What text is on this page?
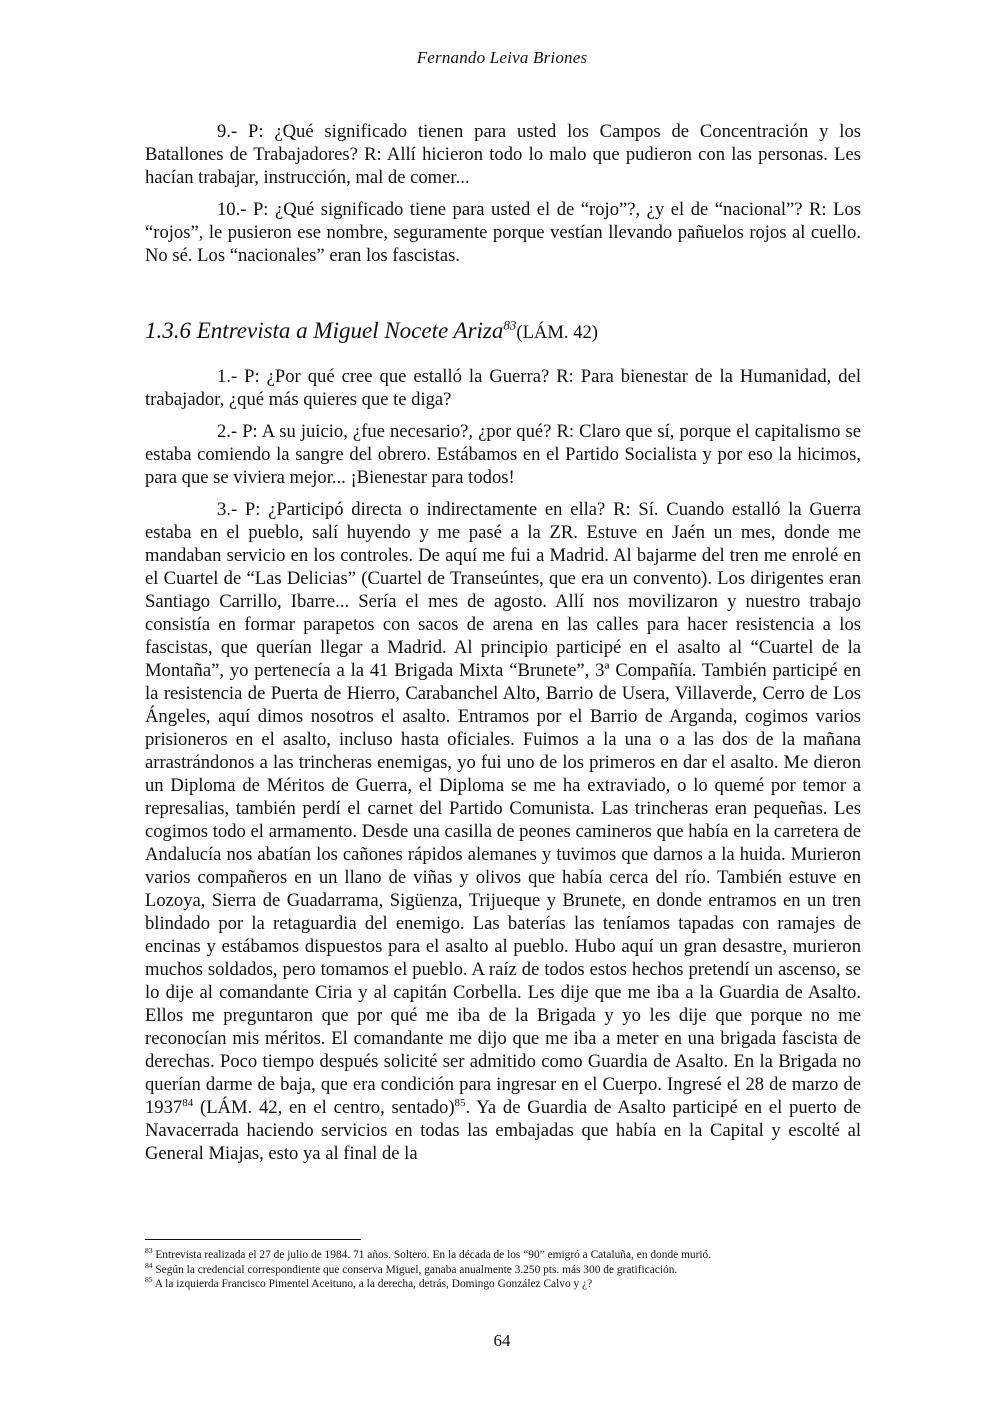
Fernando Leiva Briones

9.- P: ¿Qué significado tienen para usted los Campos de Concentración y los Batallones de Trabajadores? R: Allí hicieron todo lo malo que pudieron con las personas. Les hacían trabajar, instrucción, mal de comer...

10.- P: ¿Qué significado tiene para usted el de “rojo”?, ¿y el de “nacional”? R: Los “rojos”, le pusieron ese nombre, seguramente porque vestían llevando pañuelos rojos al cuello. No sé. Los “nacionales” eran los fascistas.

1.3.6 Entrevista a Miguel Nocete Ariza$^{83}$(LÁM. 42)

1.- P: ¿Por qué cree que estalló la Guerra? R: Para bienestar de la Humanidad, del trabajador, ¿qué más quieres que te diga?

2.- P: A su juicio, ¿fue necesario?, ¿por qué? R: Claro que sí, porque el capitalismo se estaba comiendo la sangre del obrero. Estábamos en el Partido Socialista y por eso la hicimos, para que se viviera mejor... ¡Bienestar para todos!

3.- P: ¿Participó directa o indirectamente en ella? R: Sí. Cuando estalló la Guerra estaba en el pueblo, salí huyendo y me pasé a la ZR. Estuve en Jaén un mes, donde me mandaban servicio en los controles. De aquí me fui a Madrid. Al bajarme del tren me enrolé en el Cuartel de “Las Delicias” (Cuartel de Transeúntes, que era un convento). Los dirigentes eran Santiago Carrillo, Ibarre... Sería el mes de agosto. Allí nos movilizaron y nuestro trabajo consistía en formar parapetos con sacos de arena en las calles para hacer resistencia a los fascistas, que querían llegar a Madrid. Al principio participé en el asalto al “Cuartel de la Montaña”, yo pertenecía a la 41 Brigada Mixta “Brunete”, 3ª Compañía. También participé en la resistencia de Puerta de Hierro, Carabanchel Alto, Barrio de Usera, Villaverde, Cerro de Los Ángeles, aquí dimos nosotros el asalto. Entramos por el Barrio de Arganda, cogimos varios prisioneros en el asalto, incluso hasta oficiales. Fuimos a la una o a las dos de la mañana arrastrándonos a las trincheras enemigas, yo fui uno de los primeros en dar el asalto. Me dieron un Diploma de Méritos de Guerra, el Diploma se me ha extraviado, o lo quemé por temor a represalias, también perdí el carnet del Partido Comunista. Las trincheras eran pequeñas. Les cogimos todo el armamento. Desde una casilla de peones camineros que había en la carretera de Andalucía nos abatían los cañones rápidos alemanes y tuvimos que darnos a la huida. Murieron varios compañeros en un llano de viñas y olivos que había cerca del río. También estuve en Lozoya, Sierra de Guadarrama, Sigüenza, Trijueque y Brunete, en donde entramos en un tren blindado por la retaguardia del enemigo. Las baterías las teníamos tapadas con ramajes de encinas y estábamos dispuestos para el asalto al pueblo. Hubo aquí un gran desastre, murieron muchos soldados, pero tomamos el pueblo. A raíz de todos estos hechos pretendí un ascenso, se lo dije al comandante Ciria y al capitán Corbella. Les dije que me iba a la Guardia de Asalto. Ellos me preguntaron que por qué me iba de la Brigada y yo les dije que porque no me reconocían mis méritos. El comandante me dijo que me iba a meter en una brigada fascista de derechas. Poco tiempo después solicité ser admitido como Guardia de Asalto. En la Brigada no querían darme de baja, que era condición para ingresar en el Cuerpo. Ingresé el 28 de marzo de 1937$^{84}$ (LÁM. 42, en el centro, sentado)$^{85}$. Ya de Guardia de Asalto participé en el puerto de Navacerrada haciendo servicios en todas las embajadas que había en la Capital y escolté al General Miajas, esto ya al final de la

$^{83}$ Entrevista realizada el 27 de julio de 1984. 71 años. Soltero. En la década de los “90” emigró a Cataluña, en donde murió.

$^{84}$ Según la credencial correspondiente que conserva Miguel, ganaba anualmente 3.250 pts. más 300 de gratificación.

$^{85}$ A la izquierda Francisco Pimentel Aceituno, a la derecha, detrás, Domingo González Calvo y ¿?

64
